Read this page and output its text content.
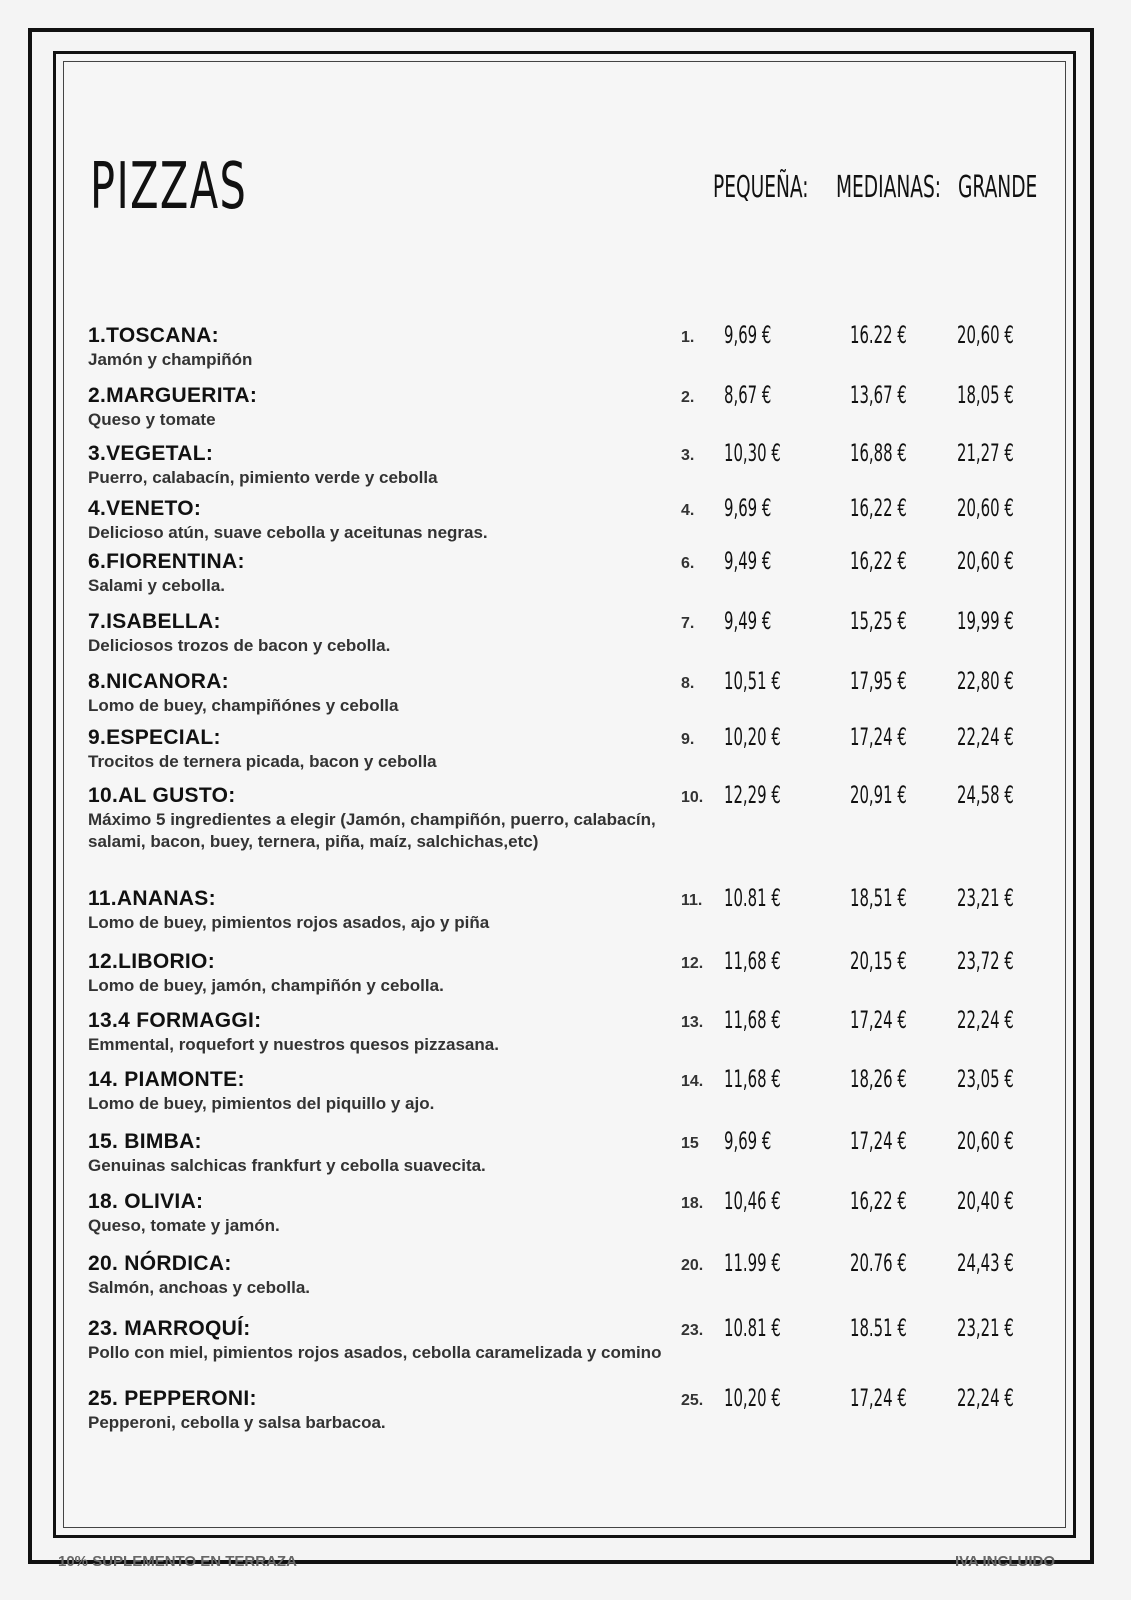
PIZZAS	PEQUEÑA: MEDIANAS: GRANDE
1.TOSCANA:
Jamón y champiñón
1. 9,69 €	16.22 € 20,60 €
2.MARGUERITA:
Queso y tomate
2. 8,67 €	13,67 € 18,05 €
3.VEGETAL:
Puerro, calabacín, pimiento verde y cebolla
3. 10,30 €	16,88 € 21,27 €
4.VENETO:
Delicioso atún, suave cebolla y aceitunas negras.
4. 9,69 €	16,22 € 20,60 €
6.FIORENTINA:
Salami y cebolla.
6. 9,49 €	16,22 € 20,60 €
7.ISABELLA:
Deliciosos trozos de bacon y cebolla.
7. 9,49 €	15,25 € 19,99 €
8.NICANORA:
Lomo de buey, champiñónes y cebolla
8. 10,51 €	17,95 € 22,80 €
9.ESPECIAL:
Trocitos de ternera picada, bacon y cebolla
9. 10,20 €	17,24 € 22,24 €
10.AL GUSTO:
Máximo 5 ingredientes a elegir (Jamón, champiñón, puerro, calabacín, salami, bacon, buey, ternera, piña, maíz, salchichas,etc)
10. 12,29 €	20,91 € 24,58 €
11.ANANAS:
Lomo de buey, pimientos rojos asados, ajo y piña
11. 10.81 €	18,51 € 23,21 €
12.LIBORIO:
Lomo de buey, jamón, champiñón y cebolla.
12. 11,68 €	20,15 € 23,72 €
13.4 FORMAGGI:
Emmental, roquefort y nuestros quesos pizzasana.
13. 11,68 €	17,24 € 22,24 €
14. PIAMONTE:
Lomo de buey, pimientos del piquillo y ajo.
14. 11,68 €	18,26 € 23,05 €
15. BIMBA:
Genuinas salchicas frankfurt y cebolla suavecita.
15 9,69 €	17,24 € 20,60 €
18. OLIVIA:
Queso, tomate y jamón.
18. 10,46 €	16,22 € 20,40 €
20. NÓRDICA:
Salmón, anchoas y cebolla.
20. 11.99 €	20.76 € 24,43 €
23. MARROQUÍ:
Pollo con miel, pimientos rojos asados, cebolla caramelizada y comino
23. 10.81 €	18.51 € 23,21 €
25. PEPPERONI:
Pepperoni, cebolla y salsa barbacoa.
25. 10,20 €	17,24 € 22,24 €
10% SUPLEMENTO EN TERRAZA	IVA INCLUIDO
